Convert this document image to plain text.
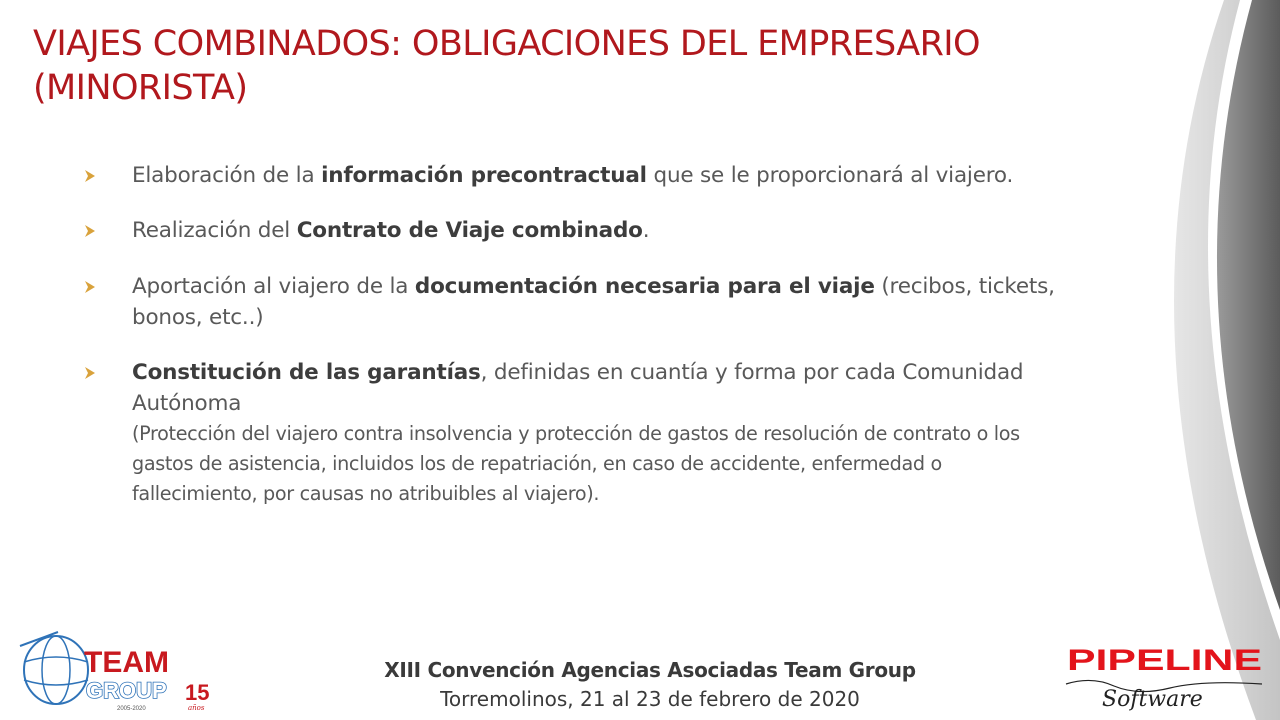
VIAJES COMBINADOS: OBLIGACIONES DEL EMPRESARIO (MINORISTA)
Elaboración de la información precontractual que se le proporcionará al viajero.
Realización del Contrato de Viaje combinado.
Aportación al viajero de la documentación necesaria para el viaje (recibos, tickets, bonos, etc..)
Constitución de las garantías, definidas en cuantía y forma por cada Comunidad Autónoma
(Protección del viajero contra insolvencia y protección de gastos de resolución de contrato o los gastos de asistencia, incluidos los de repatriación, en caso de accidente, enfermedad o fallecimiento, por causas no atribuibles al viajero).
TEAM
GROUP 15
años
2005-2020
XIII Convención Agencias Asociadas Team Group
Torremolinos, 21 al 23 de febrero de 2020
PIPELINE
Software
